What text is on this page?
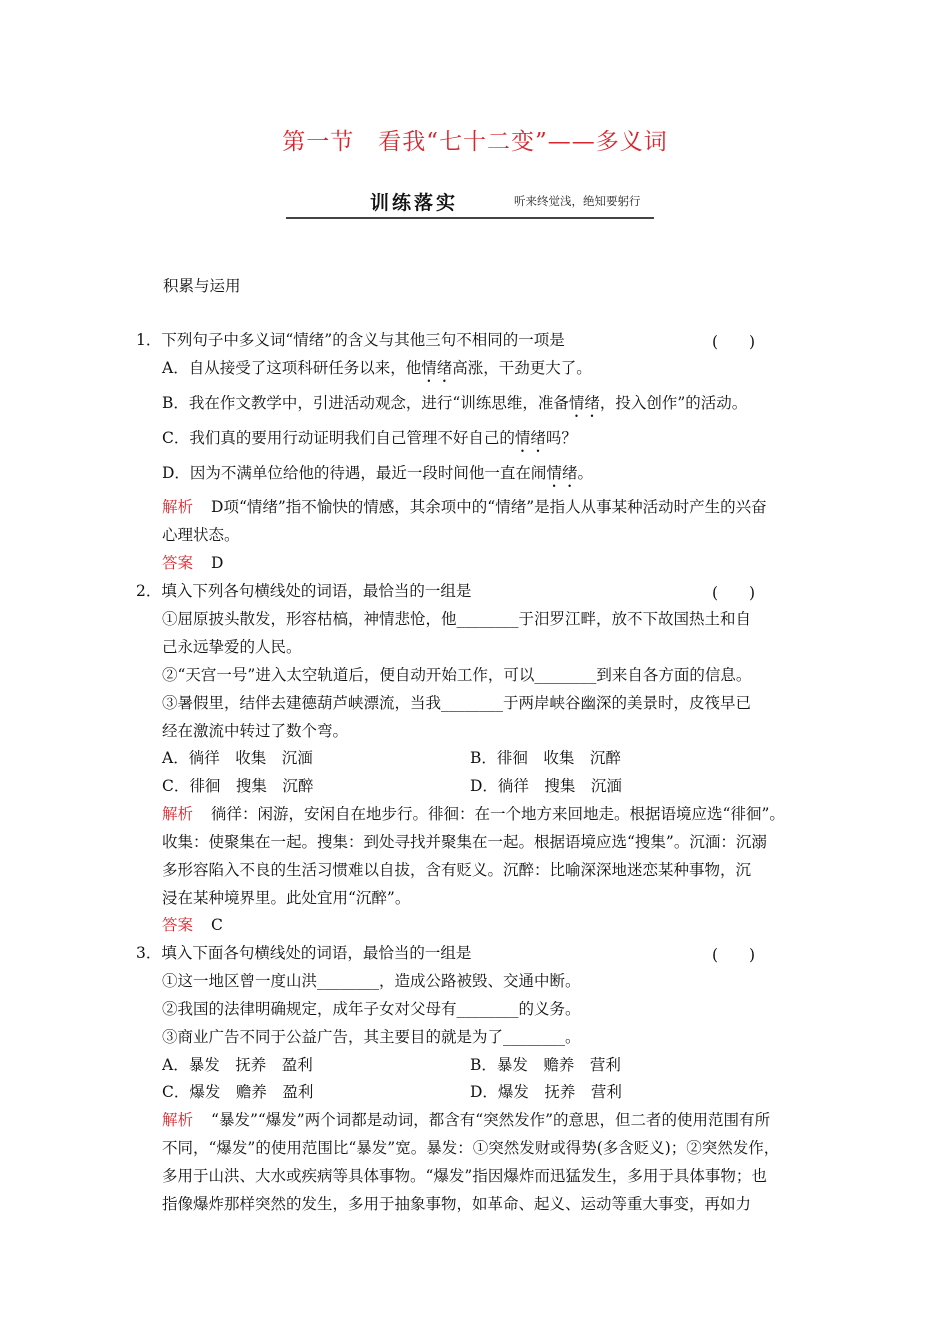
第一节　看我“七十二变”——多义词
训练落实	听来终觉浅，绝知要躬行
积累与运用
1．下列句子中多义词“情绪”的含义与其他三句不相同的一项是	(　　)
A．自从接受了这项科研任务以来，他情绪高涨，干劲更大了。
B．我在作文教学中，引进活动观念，进行“训练思维，准备情绪，投入创作”的活动。
C．我们真的要用行动证明我们自己管理不好自己的情绪吗？
D．因为不满单位给他的待遇，最近一段时间他一直在闹情绪。
解析 D项“情绪”指不愉快的情感，其余项中的“情绪”是指人从事某种活动时产生的兴奋
心理状态。
答案 D
2．填入下列各句横线处的词语，最恰当的一组是	(　　)
①屈原披头散发，形容枯槁，神情悲怆，他________于汨罗江畔，放不下故国热土和自
己永远挚爱的人民。
②“天宫一号”进入太空轨道后，便自动开始工作，可以________到来自各方面的信息。
③暑假里，结伴去建德葫芦峡漂流，当我________于两岸峡谷幽深的美景时，皮筏早已
经在激流中转过了数个弯。
A．徜徉　收集　沉湎	B．徘徊　收集　沉醉
C．徘徊　搜集　沉醉	D．徜徉　搜集　沉湎
解析 徜徉：闲游，安闲自在地步行。徘徊：在一个地方来回地走。根据语境应选“徘徊”。
收集：使聚集在一起。搜集：到处寻找并聚集在一起。根据语境应选“搜集”。沉湎：沉溺
多形容陷入不良的生活习惯难以自拔，含有贬义。沉醉：比喻深深地迷恋某种事物，沉
浸在某种境界里。此处宜用“沉醉”。
答案 C
3．填入下面各句横线处的词语，最恰当的一组是	(　　)
①这一地区曾一度山洪________，造成公路被毁、交通中断。
②我国的法律明确规定，成年子女对父母有________的义务。
③商业广告不同于公益广告，其主要目的就是为了________。
A．暴发　抚养　盈利	B．暴发　赡养　营利
C．爆发　赡养　盈利	D．爆发　抚养　营利
解析 “暴发”“爆发”两个词都是动词，都含有“突然发作”的意思，但二者的使用范围有所
不同，“爆发”的使用范围比“暴发”宽。暴发：①突然发财或得势(多含贬义)；②突然发作，
多用于山洪、大水或疾病等具体事物。“爆发”指因爆炸而迅猛发生，多用于具体事物；也
指像爆炸那样突然的发生，多用于抽象事物，如革命、起义、运动等重大事变，再如力
